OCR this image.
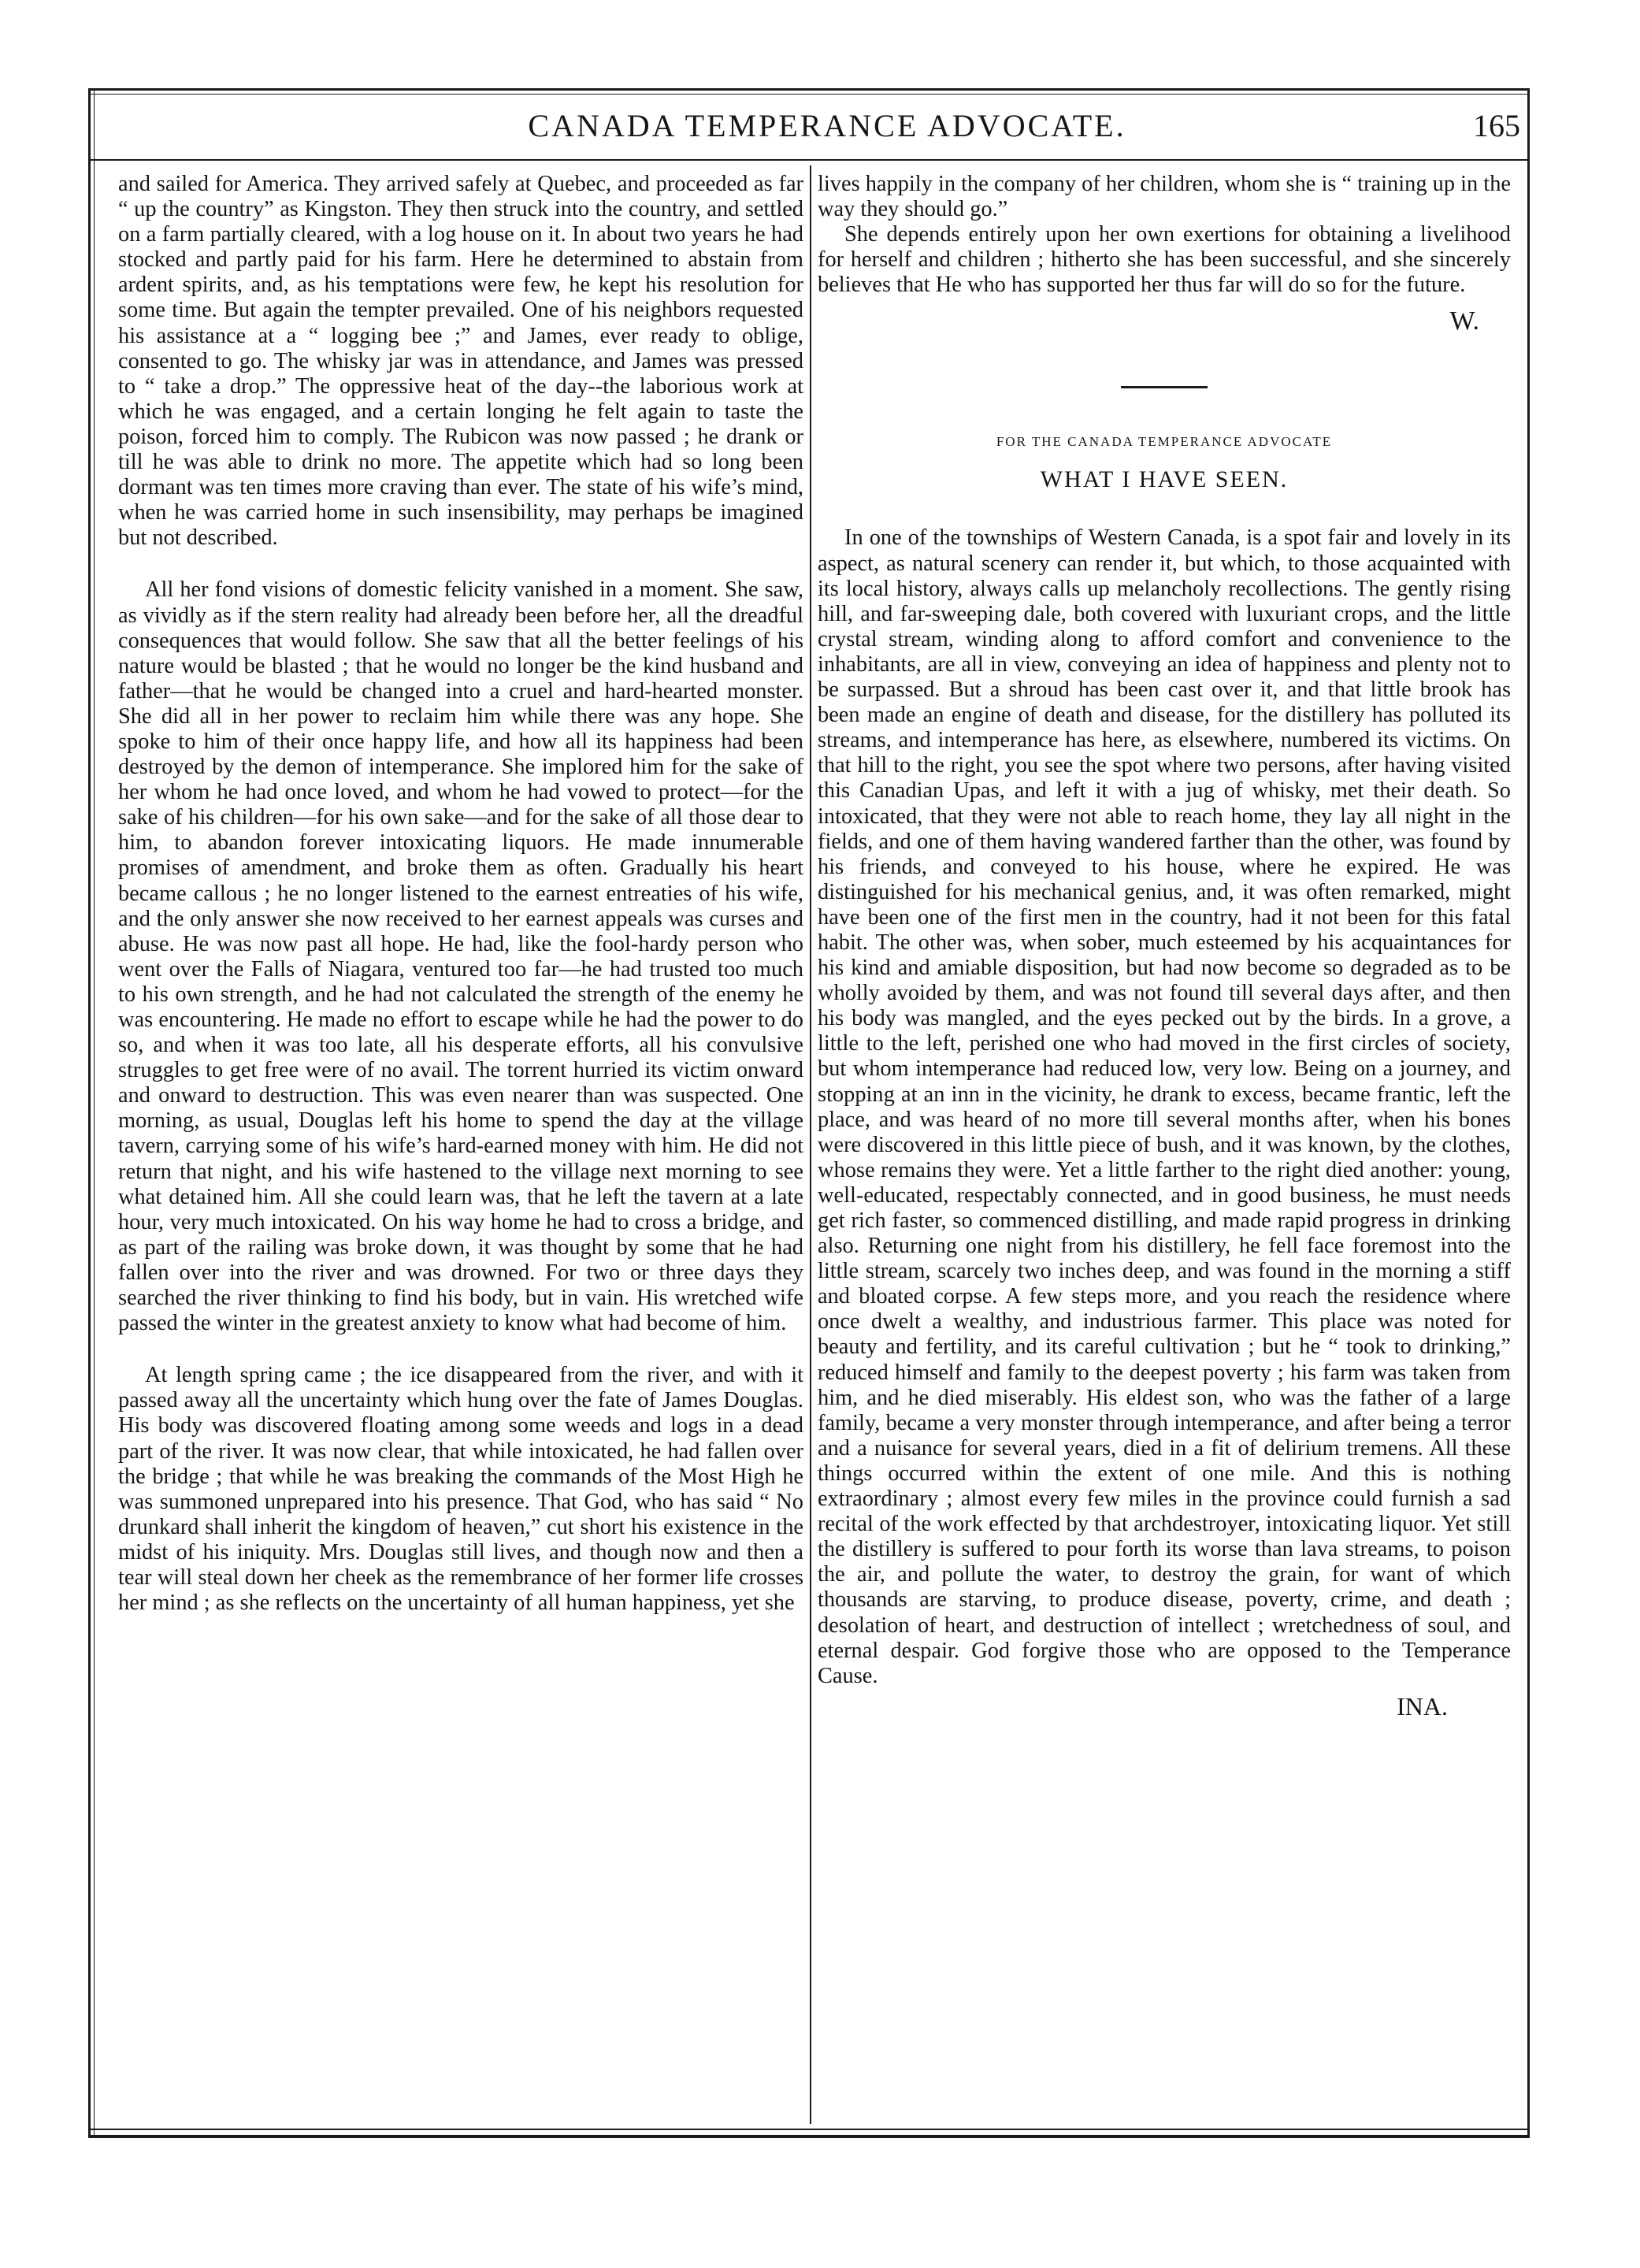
CANADA TEMPERANCE ADVOCATE.	165

and sailed for America. They arrived safely at Quebec, and proceeded as far “ up the country” as Kingston. They then struck into the country, and settled on a farm partially cleared, with a log house on it. In about two years he had stocked and partly paid for his farm. Here he determined to abstain from ardent spirits, and, as his temptations were few, he kept his resolution for some time. But again the tempter prevailed. One of his neighbors requested his assistance at a “ logging bee ;” and James, ever ready to oblige, consented to go. The whisky jar was in attendance, and James was pressed to “ take a drop.” The oppressive heat of the day--the laborious work at which he was engaged, and a certain longing he felt again to taste the poison, forced him to comply. The Rubicon was now passed ; he drank or till he was able to drink no more. The appetite which had so long been dormant was ten times more craving than ever. The state of his wife’s mind, when he was carried home in such insensibility, may perhaps be imagined but not described.

All her fond visions of domestic felicity vanished in a moment. She saw, as vividly as if the stern reality had already been before her, all the dreadful consequences that would follow. She saw that all the better feelings of his nature would be blasted ; that he would no longer be the kind husband and father—that he would be changed into a cruel and hard-hearted monster. She did all in her power to reclaim him while there was any hope. She spoke to him of their once happy life, and how all its happiness had been destroyed by the demon of intemperance. She implored him for the sake of her whom he had once loved, and whom he had vowed to protect—for the sake of his children—for his own sake—and for the sake of all those dear to him, to abandon forever intoxicating liquors. He made innumerable promises of amendment, and broke them as often. Gradually his heart became callous ; he no longer listened to the earnest entreaties of his wife, and the only answer she now received to her earnest appeals was curses and abuse. He was now past all hope. He had, like the fool-hardy person who went over the Falls of Niagara, ventured too far—he had trusted too much to his own strength, and he had not calculated the strength of the enemy he was encountering. He made no effort to escape while he had the power to do so, and when it was too late, all his desperate efforts, all his convulsive struggles to get free were of no avail. The torrent hurried its victim onward and onward to destruction. This was even nearer than was suspected. One morning, as usual, Douglas left his home to spend the day at the village tavern, carrying some of his wife’s hard-earned money with him. He did not return that night, and his wife hastened to the village next morning to see what detained him. All she could learn was, that he left the tavern at a late hour, very much intoxicated. On his way home he had to cross a bridge, and as part of the railing was broke down, it was thought by some that he had fallen over into the river and was drowned. For two or three days they searched the river thinking to find his body, but in vain. His wretched wife passed the winter in the greatest anxiety to know what had become of him.

At length spring came ; the ice disappeared from the river, and with it passed away all the uncertainty which hung over the fate of James Douglas. His body was discovered floating among some weeds and logs in a dead part of the river. It was now clear, that while intoxicated, he had fallen over the bridge ; that while he was breaking the commands of the Most High he was summoned unprepared into his presence. That God, who has said “ No drunkard shall inherit the kingdom of heaven,” cut short his existence in the midst of his iniquity. Mrs. Douglas still lives, and though now and then a tear will steal down her cheek as the remembrance of her former life crosses her mind ; as she reflects on the uncertainty of all human happiness, yet she

lives happily in the company of her children, whom she is “ training up in the way they should go.”

She depends entirely upon her own exertions for obtaining a livelihood for herself and children ; hitherto she has been successful, and she sincerely believes that He who has supported her thus far will do so for the future.

W.
FOR THE CANADA TEMPERANCE ADVOCATE
WHAT I HAVE SEEN.

In one of the townships of Western Canada, is a spot fair and lovely in its aspect, as natural scenery can render it, but which, to those acquainted with its local history, always calls up melancholy recollections. The gently rising hill, and far-sweeping dale, both covered with luxuriant crops, and the little crystal stream, winding along to afford comfort and convenience to the inhabitants, are all in view, conveying an idea of happiness and plenty not to be surpassed. But a shroud has been cast over it, and that little brook has been made an engine of death and disease, for the distillery has polluted its streams, and intemperance has here, as elsewhere, numbered its victims. On that hill to the right, you see the spot where two persons, after having visited this Canadian Upas, and left it with a jug of whisky, met their death. So intoxicated, that they were not able to reach home, they lay all night in the fields, and one of them having wandered farther than the other, was found by his friends, and conveyed to his house, where he expired. He was distinguished for his mechanical genius, and, it was often remarked, might have been one of the first men in the country, had it not been for this fatal habit. The other was, when sober, much esteemed by his acquaintances for his kind and amiable disposition, but had now become so degraded as to be wholly avoided by them, and was not found till several days after, and then his body was mangled, and the eyes pecked out by the birds. In a grove, a little to the left, perished one who had moved in the first circles of society, but whom intemperance had reduced low, very low. Being on a journey, and stopping at an inn in the vicinity, he drank to excess, became frantic, left the place, and was heard of no more till several months after, when his bones were discovered in this little piece of bush, and it was known, by the clothes, whose remains they were. Yet a little farther to the right died another: young, well-educated, respectably connected, and in good business, he must needs get rich faster, so commenced distilling, and made rapid progress in drinking also. Returning one night from his distillery, he fell face foremost into the little stream, scarcely two inches deep, and was found in the morning a stiff and bloated corpse. A few steps more, and you reach the residence where once dwelt a wealthy, and industrious farmer. This place was noted for beauty and fertility, and its careful cultivation ; but he “ took to drinking,” reduced himself and family to the deepest poverty ; his farm was taken from him, and he died miserably. His eldest son, who was the father of a large family, became a very monster through intemperance, and after being a terror and a nuisance for several years, died in a fit of delirium tremens. All these things occurred within the extent of one mile. And this is nothing extraordinary ; almost every few miles in the province could furnish a sad recital of the work effected by that archdestroyer, intoxicating liquor. Yet still the distillery is suffered to pour forth its worse than lava streams, to poison the air, and pollute the water, to destroy the grain, for want of which thousands are starving, to produce disease, poverty, crime, and death ; desolation of heart, and destruction of intellect ; wretchedness of soul, and eternal despair. God forgive those who are opposed to the Temperance Cause.

INA.
